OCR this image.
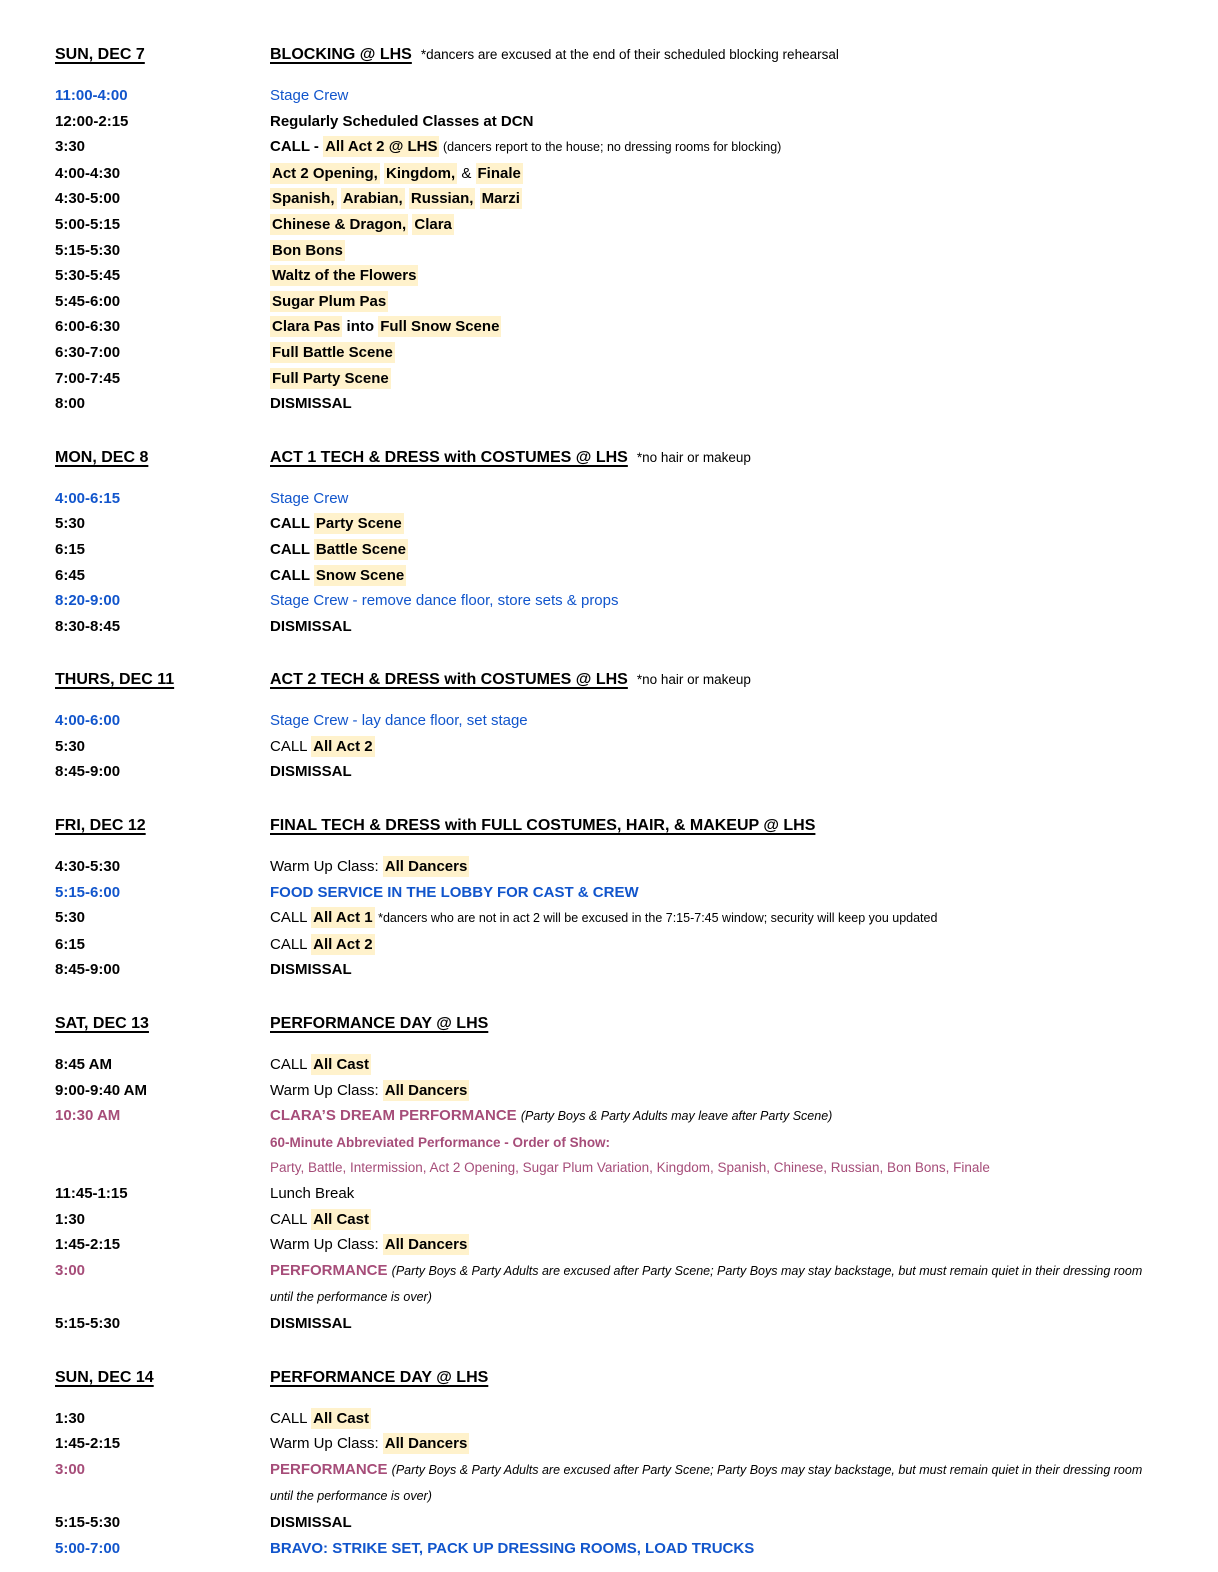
SUN, DEC 7	BLOCKING @ LHS *dancers are excused at the end of their scheduled blocking rehearsal
11:00-4:00	Stage Crew
12:00-2:15	Regularly Scheduled Classes at DCN
3:30	CALL - All Act 2 @ LHS (dancers report to the house; no dressing rooms for blocking)
4:00-4:30	Act 2 Opening, Kingdom, & Finale
4:30-5:00	Spanish, Arabian, Russian, Marzi
5:00-5:15	Chinese & Dragon, Clara
5:15-5:30	Bon Bons
5:30-5:45	Waltz of the Flowers
5:45-6:00	Sugar Plum Pas
6:00-6:30	Clara Pas into Full Snow Scene
6:30-7:00	Full Battle Scene
7:00-7:45	Full Party Scene
8:00	DISMISSAL
MON, DEC 8	ACT 1 TECH & DRESS with COSTUMES @ LHS *no hair or makeup
4:00-6:15	Stage Crew
5:30	CALL Party Scene
6:15	CALL Battle Scene
6:45	CALL Snow Scene
8:20-9:00	Stage Crew - remove dance floor, store sets & props
8:30-8:45	DISMISSAL
THURS, DEC 11	ACT 2 TECH & DRESS with COSTUMES @ LHS *no hair or makeup
4:00-6:00	Stage Crew - lay dance floor, set stage
5:30	CALL All Act 2
8:45-9:00	DISMISSAL
FRI, DEC 12	FINAL TECH & DRESS with FULL COSTUMES, HAIR, & MAKEUP @ LHS
4:30-5:30	Warm Up Class: All Dancers
5:15-6:00	FOOD SERVICE IN THE LOBBY FOR CAST & CREW
5:30	CALL All Act 1 *dancers who are not in act 2 will be excused in the 7:15-7:45 window; security will keep you updated
6:15	CALL All Act 2
8:45-9:00	DISMISSAL
SAT, DEC 13	PERFORMANCE DAY @ LHS
8:45 AM	CALL All Cast
9:00-9:40 AM	Warm Up Class: All Dancers
10:30 AM	CLARA’S DREAM PERFORMANCE (Party Boys & Party Adults may leave after Party Scene)
60-Minute Abbreviated Performance - Order of Show:
Party, Battle, Intermission, Act 2 Opening, Sugar Plum Variation, Kingdom, Spanish, Chinese, Russian, Bon Bons, Finale
11:45-1:15	Lunch Break
1:30	CALL All Cast
1:45-2:15	Warm Up Class: All Dancers
3:00	PERFORMANCE (Party Boys & Party Adults are excused after Party Scene; Party Boys may stay backstage, but must remain quiet in their dressing room until the performance is over)
5:15-5:30	DISMISSAL
SUN, DEC 14	PERFORMANCE DAY @ LHS
1:30	CALL All Cast
1:45-2:15	Warm Up Class: All Dancers
3:00	PERFORMANCE (Party Boys & Party Adults are excused after Party Scene; Party Boys may stay backstage, but must remain quiet in their dressing room until the performance is over)
5:15-5:30	DISMISSAL
5:00-7:00	BRAVO: STRIKE SET, PACK UP DRESSING ROOMS, LOAD TRUCKS
